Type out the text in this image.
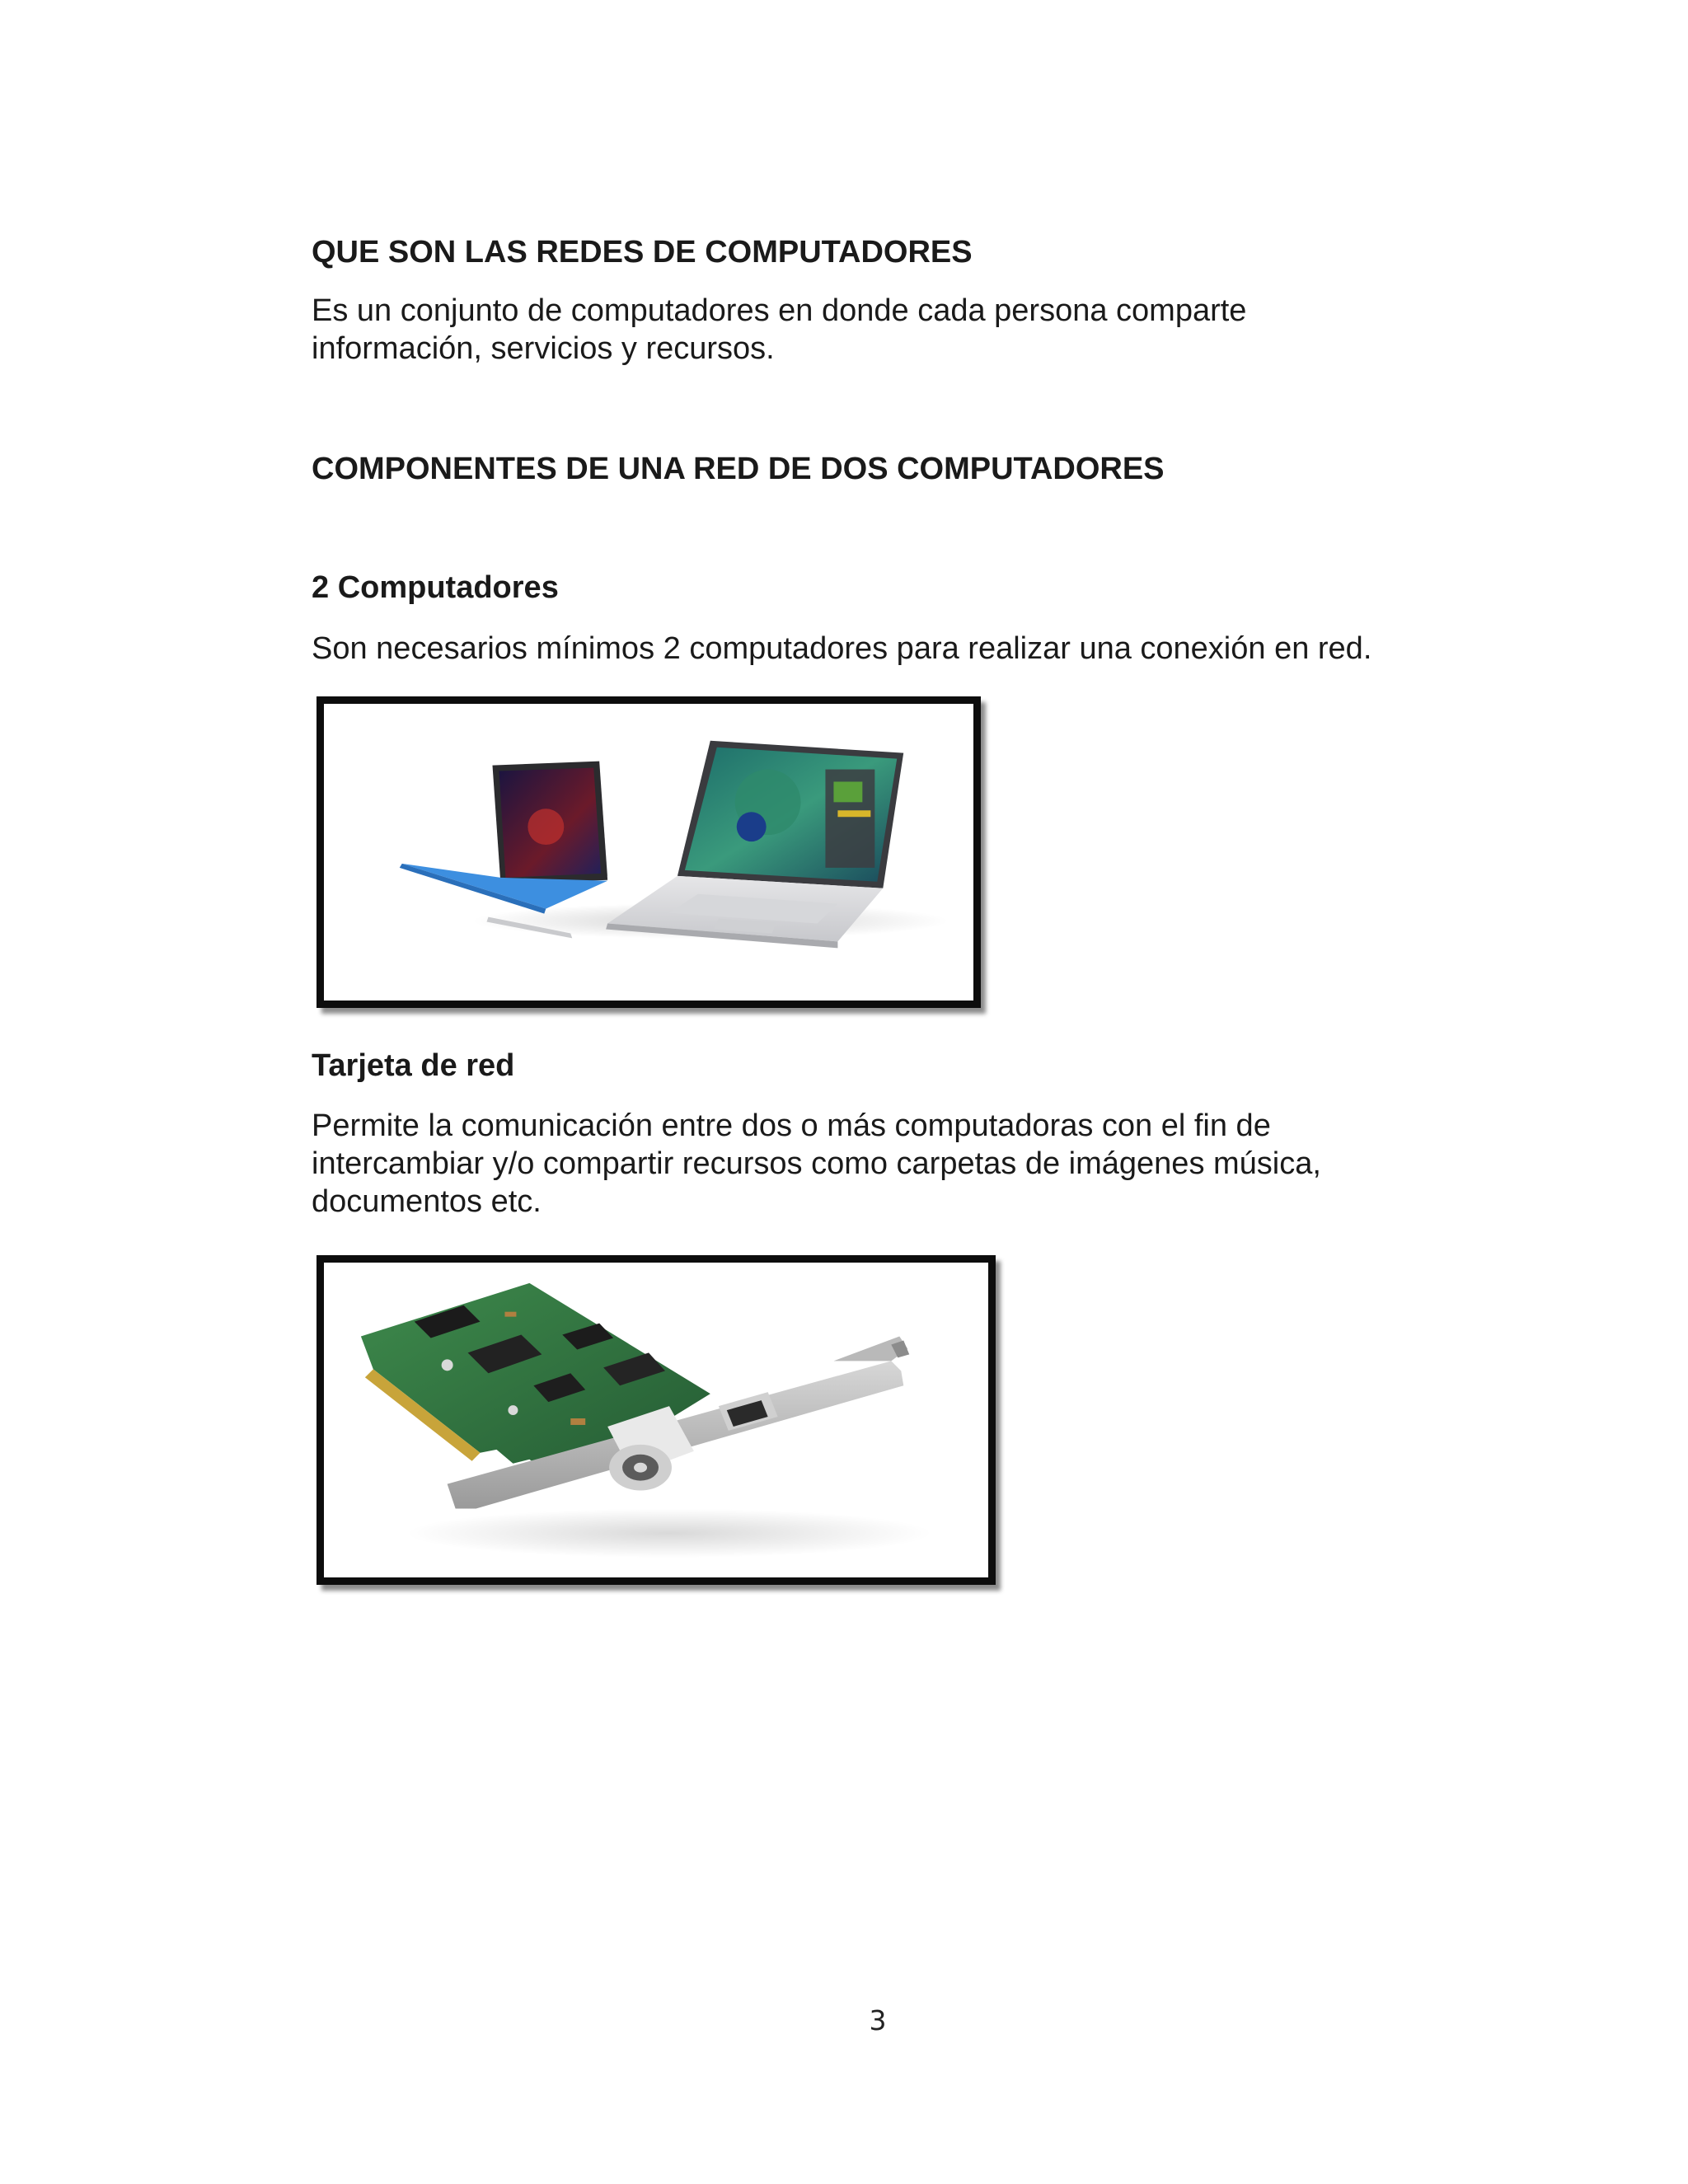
QUE SON LAS REDES DE COMPUTADORES

Es un conjunto de computadores en donde cada persona comparte
información, servicios y recursos.

COMPONENTES DE UNA RED DE DOS COMPUTADORES
2 Computadores

Son necesarios mínimos 2 computadores para realizar una conexión en red.

Tarjeta de red

Permite la comunicación entre dos o más computadoras con el fin de
intercambiar y/o compartir recursos como carpetas de imágenes música,
documentos etc.

3
